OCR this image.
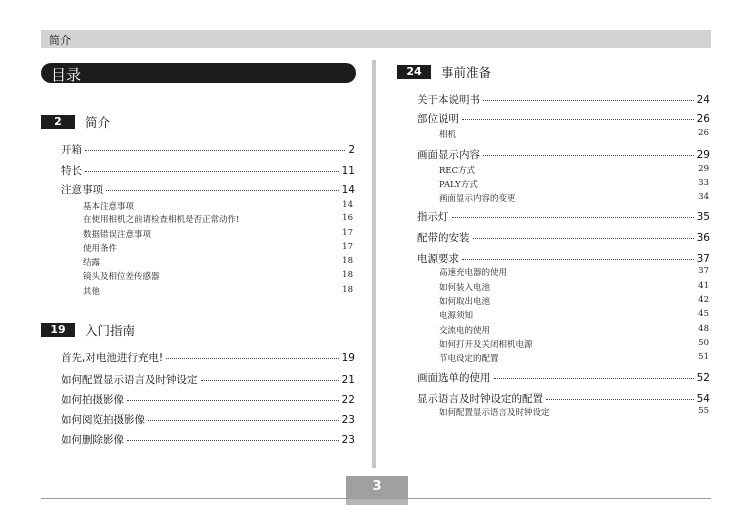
简介
目录
2	简介
开箱	2
特长	11
注意事项	14
基本注意事项	14
在使用相机之前请检查相机是否正常动作!	16
数据错误注意事项	17
使用条件	17
结露	18
镜头及相位差传感器	18
其他	18
19	入门指南
首先,对电池进行充电!	19
如何配置显示语言及时钟设定	21
如何拍摄影像	22
如何阅览拍摄影像	23
如何删除影像	23
24	事前准备
关于本说明书	24
部位说明	26
相机	26
画面显示内容	29
REC方式	29
PALY方式	33
画面显示内容的变更	34
指示灯	35
配带的安装	36
电源要求	37
高速充电器的使用	37
如何装入电池	41
如何取出电池	42
电源须知	45
交流电的使用	48
如何打开及关闭相机电源	50
节电设定的配置	51
画面选单的使用	52
显示语言及时钟设定的配置	54
如何配置显示语言及时钟设定	55
3
